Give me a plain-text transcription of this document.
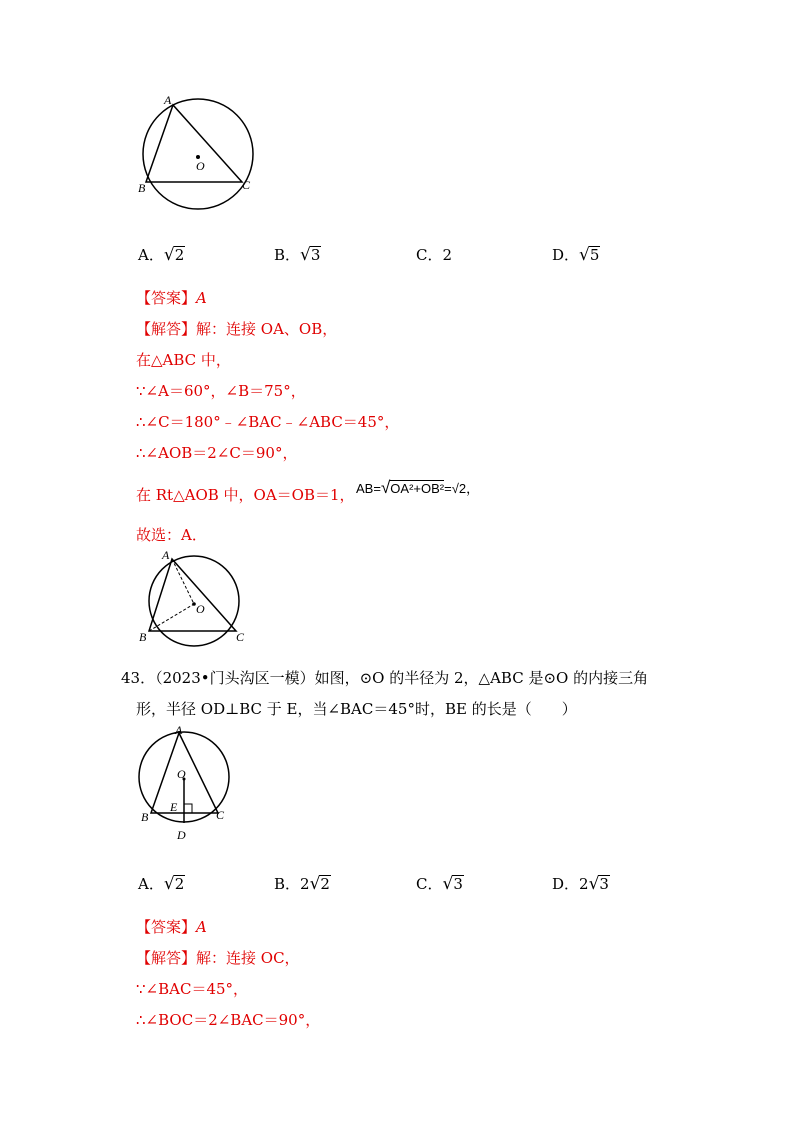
A
B	C
O
A．√2	B．√3	C．2	D．√5
【答案】A
【解答】解：连接 OA、OB，
在△ABC 中，
∵∠A＝60°，∠B＝75°，
∴∠C＝180°﹣∠BAC﹣∠ABC＝45°，
∴∠AOB＝2∠C＝90°，
在 Rt△AOB 中，OA＝OB＝1， AB=√OA²+OB²=√2，
故选：A．
A
B	C
O
43．（2023•门头沟区一模）如图，⊙O 的半径为 2，△ABC 是⊙O 的内接三角
形，半径 OD⊥BC 于 E，当∠BAC＝45°时，BE 的长是（　　）
A
O
E
B	C
D
A．√2	B．2√2	C．√3	D．2√3
【答案】A
【解答】解：连接 OC，
∵∠BAC＝45°，
∴∠BOC＝2∠BAC＝90°，
